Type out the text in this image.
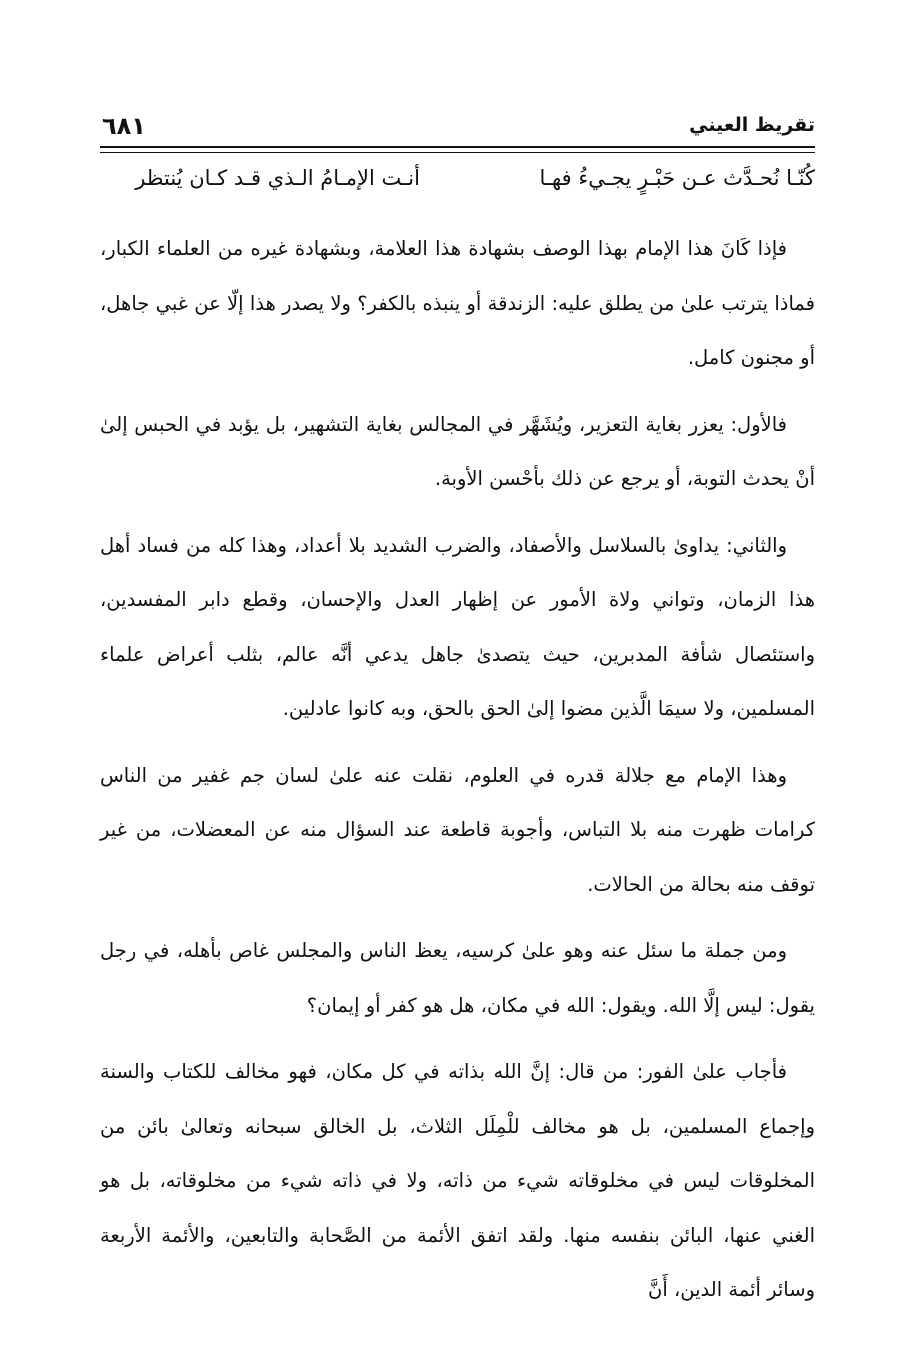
تقريظ العيني
٦٨١
كُنّـا نُحـدَّث عـن حَبْـرٍ يجـيءُ فهـا
أنـت الإمـامُ الـذي قـد كـان يُنتظر

فإذا كَانَ هذا الإمام بهذا الوصف بشهادة هذا العلامة، وبشهادة غيره من العلماء الكبار، فماذا يترتب علىٰ من يطلق عليه: الزندقة أو ينبذه بالكفر؟ ولا يصدر هذا إلّا عن غبي جاهل، أو مجنون كامل.

فالأول: يعزر بغاية التعزير، ويُشَهَّر في المجالس بغاية التشهير، بل يؤبد في الحبس إلىٰ أنْ يحدث التوبة، أو يرجع عن ذلك بأحْسن الأوبة.

والثاني: يداوىٰ بالسلاسل والأصفاد، والضرب الشديد بلا أعداد، وهذا كله من فساد أهل هذا الزمان، وتواني ولاة الأمور عن إظهار العدل والإحسان، وقطع دابر المفسدين، واستئصال شأفة المدبرين، حيث يتصدىٰ جاهل يدعي أنَّه عالم، بثلب أعراض علماء المسلمين، ولا سيمَا الَّذين مضوا إلىٰ الحق بالحق، وبه كانوا عادلين.

وهذا الإمام مع جلالة قدره في العلوم، نقلت عنه علىٰ لسان جم غفير من الناس كرامات ظهرت منه بلا التباس، وأجوبة قاطعة عند السؤال منه عن المعضلات، من غير توقف منه بحالة من الحالات.

ومن جملة ما سئل عنه وهو علىٰ كرسيه، يعظ الناس والمجلس غاص بأهله، في رجل يقول: ليس إلَّا الله. ويقول: الله في مكان، هل هو كفر أو إيمان؟

فأجاب علىٰ الفور: من قال: إنَّ الله بذاته في كل مكان، فهو مخالف للكتاب والسنة وإجماع المسلمين، بل هو مخالف للْمِلَل الثلاث، بل الخالق سبحانه وتعالىٰ بائن من المخلوقات ليس في مخلوقاته شيء من ذاته، ولا في ذاته شيء من مخلوقاته، بل هو الغني عنها، البائن بنفسه منها. ولقد اتفق الأئمة من الصَّحابة والتابعين، والأئمة الأربعة وسائر أئمة الدين، أَنَّ
